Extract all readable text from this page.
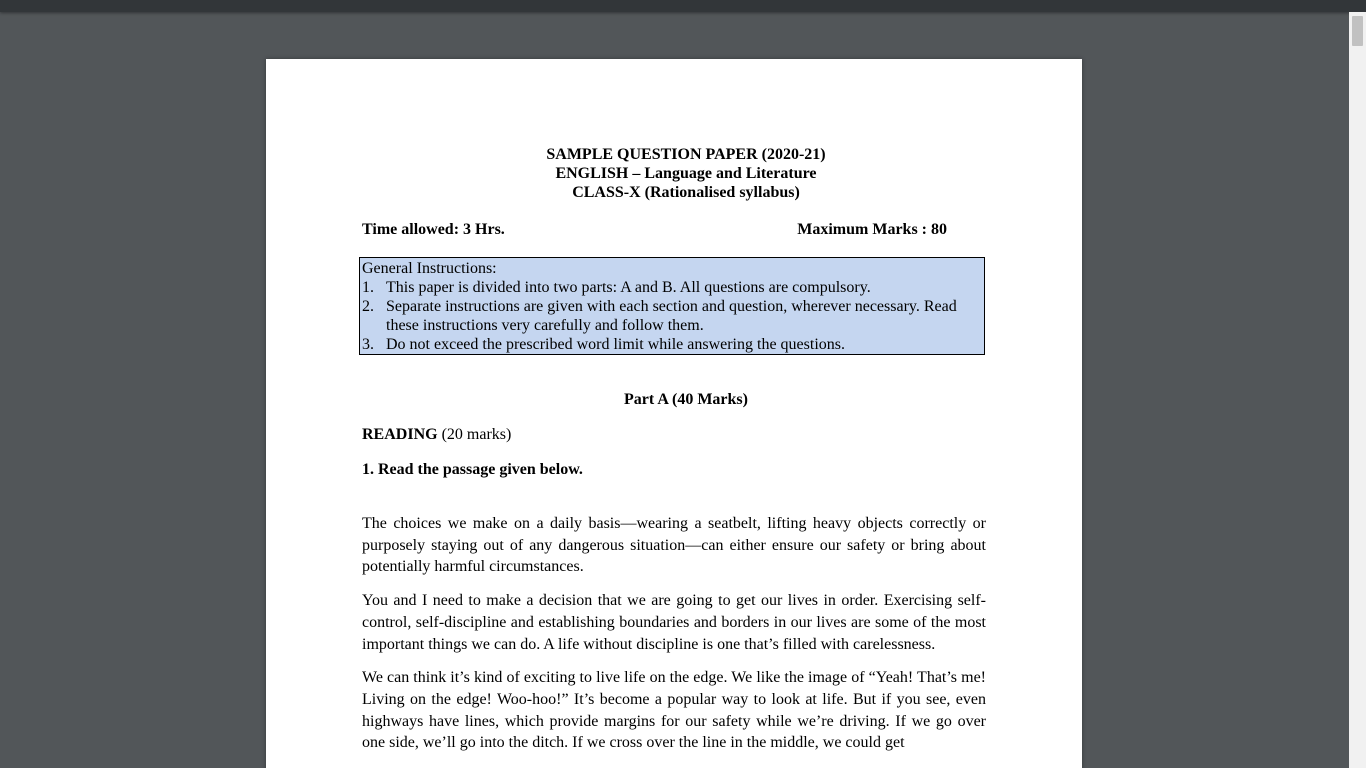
SAMPLE QUESTION PAPER (2020-21)
ENGLISH – Language and Literature
CLASS-X (Rationalised syllabus)
Time allowed: 3 Hrs.	Maximum Marks : 80
General Instructions:
1. This paper is divided into two parts: A and B. All questions are compulsory.
2. Separate instructions are given with each section and question, wherever necessary. Read these instructions very carefully and follow them.
3. Do not exceed the prescribed word limit while answering the questions.
Part A (40 Marks)
READING (20 marks)
1. Read the passage given below.

The choices we make on a daily basis—wearing a seatbelt, lifting heavy objects correctly or purposely staying out of any dangerous situation—can either ensure our safety or bring about potentially harmful circumstances.

You and I need to make a decision that we are going to get our lives in order. Exercising self-control, self-discipline and establishing boundaries and borders in our lives are some of the most important things we can do. A life without discipline is one that’s filled with carelessness.

We can think it’s kind of exciting to live life on the edge. We like the image of “Yeah! That’s me! Living on the edge! Woo-hoo!” It’s become a popular way to look at life. But if you see, even highways have lines, which provide margins for our safety while we’re driving. If we go over one side, we’ll go into the ditch. If we cross over the line in the middle, we could get
